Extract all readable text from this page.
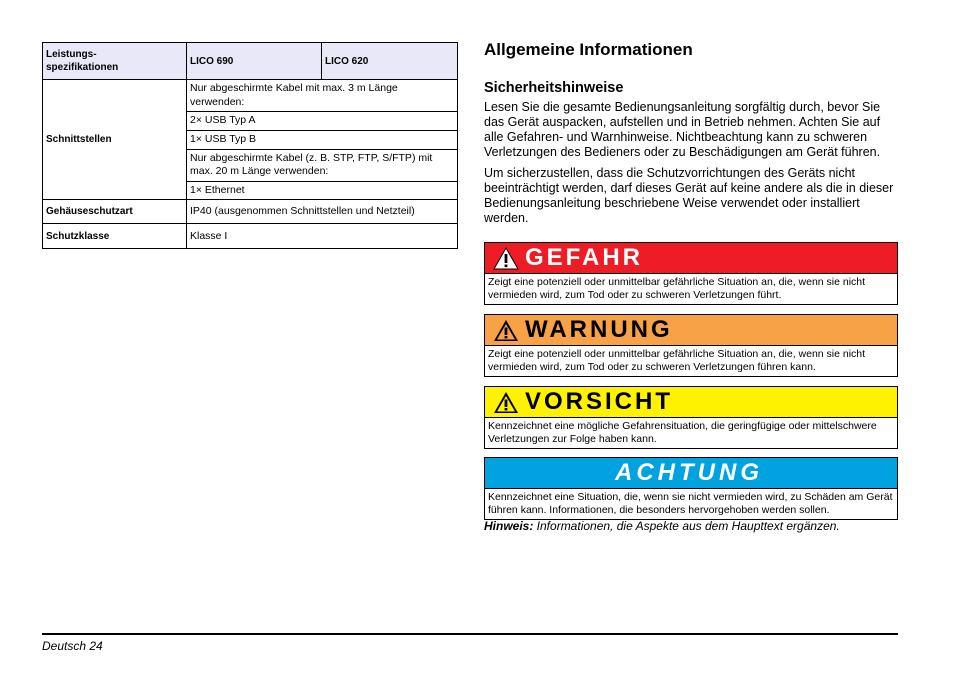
Leistungs-
spezifikationen	LICO 690	LICO 620
Schnittstellen	Nur abgeschirmte Kabel mit max. 3 m Länge verwenden:
2× USB Typ A
1× USB Typ B
Nur abgeschirmte Kabel (z. B. STP, FTP, S/FTP) mit max. 20 m Länge verwenden:
1× Ethernet	

Gehäuseschutzart	IP40 (ausgenommen Schnittstellen und Netzteil)	
Schutzklasse	Klasse I	

Allgemeine Informationen

Sicherheitshinweise

Lesen Sie die gesamte Bedienungsanleitung sorgfältig durch, bevor Sie das Gerät auspacken, aufstellen und in Betrieb nehmen. Achten Sie auf alle Gefahren- und Warnhinweise. Nichtbeachtung kann zu schweren Verletzungen des Bedieners oder zu Beschädigungen am Gerät führen.

Um sicherzustellen, dass die Schutzvorrichtungen des Geräts nicht beeinträchtigt werden, darf dieses Gerät auf keine andere als die in dieser Bedienungsanleitung beschriebene Weise verwendet oder installiert werden.

GEFAHR
Zeigt eine potenziell oder unmittelbar gefährliche Situation an, die, wenn sie nicht vermieden wird, zum Tod oder zu schweren Verletzungen führt.
WARNUNG
Zeigt eine potenziell oder unmittelbar gefährliche Situation an, die, wenn sie nicht vermieden wird, zum Tod oder zu schweren Verletzungen führen kann.
VORSICHT
Kennzeichnet eine mögliche Gefahrensituation, die geringfügige oder mittelschwere Verletzungen zur Folge haben kann.
ACHTUNG
Kennzeichnet eine Situation, die, wenn sie nicht vermieden wird, zu Schäden am Gerät führen kann. Informationen, die besonders hervorgehoben werden sollen.
Hinweis: Informationen, die Aspekte aus dem Haupttext ergänzen.
Deutsch 24
